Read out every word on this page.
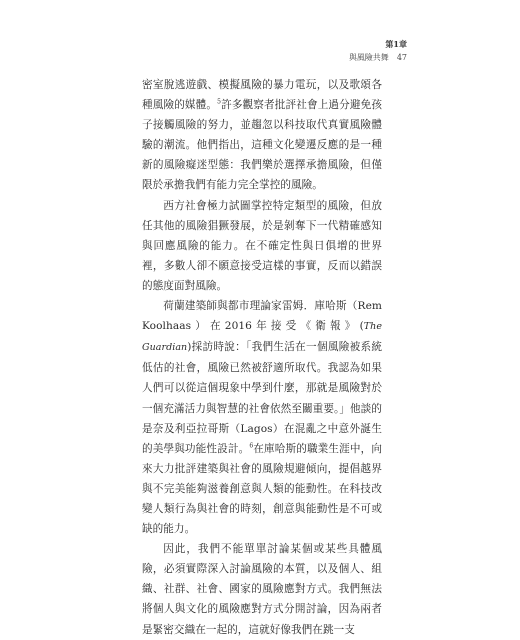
第1章
與風險共舞 47

密室脫逃遊戲、模擬風險的暴力電玩，以及歌頌各種風險的媒體。$^5$許多觀察者批評社會上過分避免孩子接觸風險的努力，並趨忽以科技取代真實風險體驗的潮流。他們指出，這種文化變遷反應的是一種新的風險癡迷型態：我們樂於選擇承擔風險，但僅限於承擔我們有能力完全掌控的風險。

西方社會極力試圖掌控特定類型的風險，但放任其他的風險猖獗發展，於是剝奪下一代精確感知與回應風險的能力。在不確定性與日俱增的世界裡，多數人卻不願意接受這樣的事實，反而以錯誤的態度面對風險。

荷蘭建築師與都市理論家雷姆．庫哈斯（Rem Koolhaas）在2016年接受《衛報》(The Guardian)採訪時說：「我們生活在一個風險被系統低估的社會，風險已然被舒適所取代。我認為如果人們可以從這個現象中學到什麼，那就是風險對於一個充滿活力與智慧的社會依然至關重要。」他談的是奈及利亞拉哥斯（Lagos）在混亂之中意外誕生的美學與功能性設計。$^6$在庫哈斯的職業生涯中，向來大力批評建築與社會的風險規避傾向，提倡越界與不完美能夠滋養創意與人類的能動性。在科技改變人類行為與社會的時刻，創意與能動性是不可或缺的能力。

因此，我們不能單單討論某個或某些具體風險，必須實際深入討論風險的本質，以及個人、組織、社群、社會、國家的風險應對方式。我們無法將個人與文化的風險應對方式分開討論，因為兩者是緊密交織在一起的，這就好像我們在跳一支
